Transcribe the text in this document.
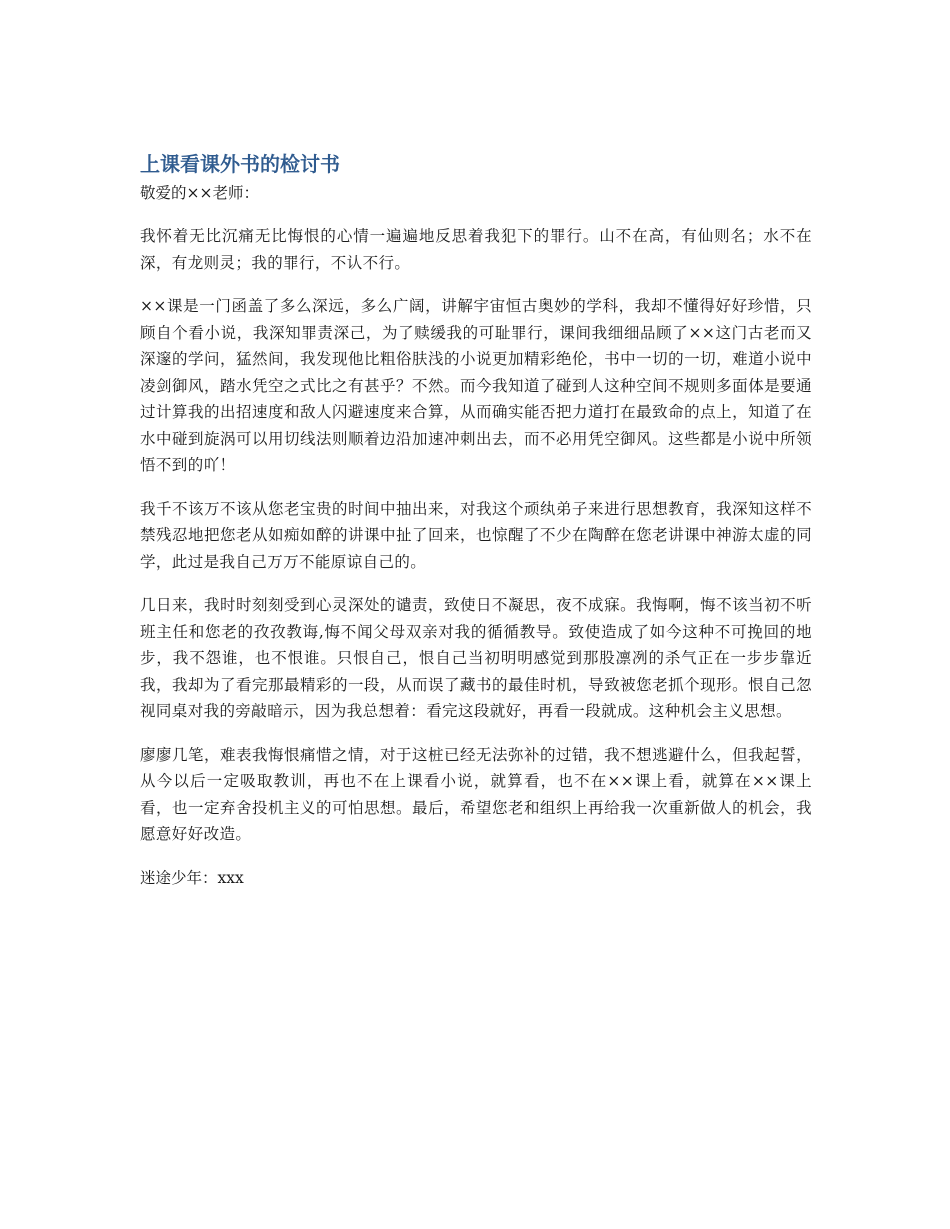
上课看课外书的检讨书

敬爱的××老师：

我怀着无比沉痛无比悔恨的心情一遍遍地反思着我犯下的罪行。山不在高，有仙则名；水不在深，有龙则灵；我的罪行，不认不行。

××课是一门函盖了多么深远，多么广阔，讲解宇宙恒古奥妙的学科，我却不懂得好好珍惜，只顾自个看小说，我深知罪责深己，为了赎缓我的可耻罪行，课间我细细品顾了××这门古老而又深邃的学问，猛然间，我发现他比粗俗肤浅的小说更加精彩绝伦，书中一切的一切，难道小说中凌剑御风，踏水凭空之式比之有甚乎？不然。而今我知道了碰到人这种空间不规则多面体是要通过计算我的出招速度和敌人闪避速度来合算，从而确实能否把力道打在最致命的点上，知道了在水中碰到旋涡可以用切线法则顺着边沿加速冲刺出去，而不必用凭空御风。这些都是小说中所领悟不到的吖！

我千不该万不该从您老宝贵的时间中抽出来，对我这个顽纨弟子来进行思想教育，我深知这样不禁残忍地把您老从如痴如醉的讲课中扯了回来，也惊醒了不少在陶醉在您老讲课中神游太虚的同学，此过是我自己万万不能原谅自己的。

几日来，我时时刻刻受到心灵深处的谴责，致使日不凝思，夜不成寐。我悔啊，悔不该当初不听班主任和您老的孜孜教诲,悔不闻父母双亲对我的循循教导。致使造成了如今这种不可挽回的地步，我不怨谁，也不恨谁。只恨自己，恨自己当初明明感觉到那股凛冽的杀气正在一步步靠近我，我却为了看完那最精彩的一段，从而误了藏书的最佳时机，导致被您老抓个现形。恨自己忽视同桌对我的旁敲暗示，因为我总想着：看完这段就好，再看一段就成。这种机会主义思想。

廖廖几笔，难表我悔恨痛惜之情，对于这桩已经无法弥补的过错，我不想逃避什么，但我起誓，从今以后一定吸取教训，再也不在上课看小说，就算看，也不在××课上看，就算在××课上看，也一定弃舍投机主义的可怕思想。最后，希望您老和组织上再给我一次重新做人的机会，我愿意好好改造。

迷途少年：xxx
